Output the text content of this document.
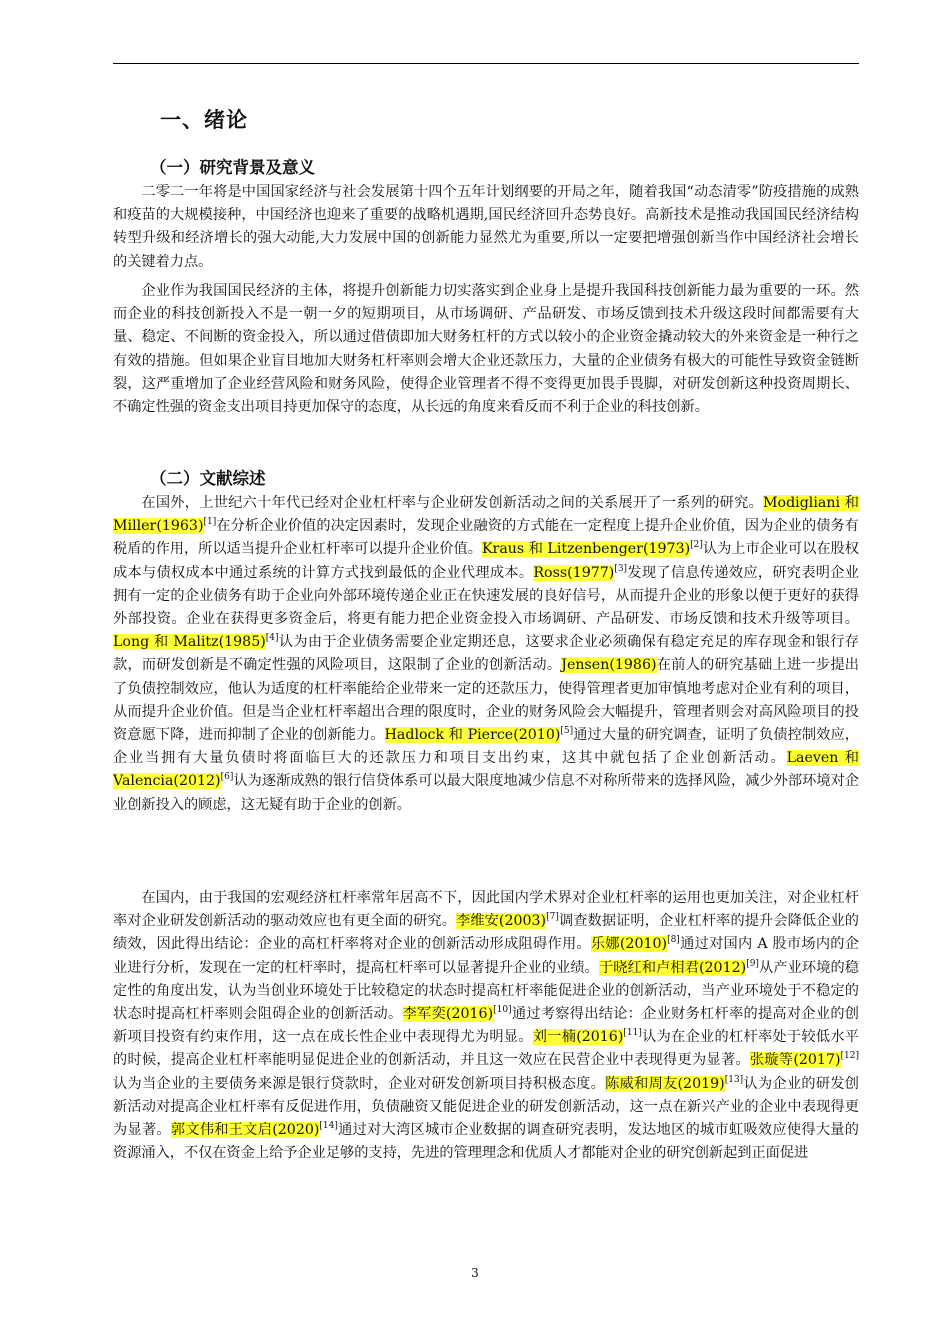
一、绪论
（一）研究背景及意义

二零二一年将是中国国家经济与社会发展第十四个五年计划纲要的开局之年，随着我国“动态清零”防疫措施的成熟和疫苗的大规模接种，中国经济也迎来了重要的战略机遇期,国民经济回升态势良好。高新技术是推动我国国民经济结构转型升级和经济增长的强大动能,大力发展中国的创新能力显然尤为重要,所以一定要把增强创新当作中国经济社会增长的关键着力点。

企业作为我国国民经济的主体，将提升创新能力切实落实到企业身上是提升我国科技创新能力最为重要的一环。然而企业的科技创新投入不是一朝一夕的短期项目，从市场调研、产品研发、市场反馈到技术升级这段时间都需要有大量、稳定、不间断的资金投入，所以通过借债即加大财务杠杆的方式以较小的企业资金撬动较大的外来资金是一种行之有效的措施。但如果企业盲目地加大财务杠杆率则会增大企业还款压力，大量的企业债务有极大的可能性导致资金链断裂，这严重增加了企业经营风险和财务风险，使得企业管理者不得不变得更加畏手畏脚，对研发创新这种投资周期长、不确定性强的资金支出项目持更加保守的态度，从长远的角度来看反而不利于企业的科技创新。

（二）文献综述

在国外，上世纪六十年代已经对企业杠杆率与企业研发创新活动之间的关系展开了一系列的研究。Modigliani 和 Miller(1963)[1]在分析企业价值的决定因素时，发现企业融资的方式能在一定程度上提升企业价值，因为企业的债务有税盾的作用，所以适当提升企业杠杆率可以提升企业价值。Kraus 和 Litzenbenger(1973)[2]认为上市企业可以在股权成本与债权成本中通过系统的计算方式找到最低的企业代理成本。Ross(1977)[3]发现了信息传递效应，研究表明企业拥有一定的企业债务有助于企业向外部环境传递企业正在快速发展的良好信号，从而提升企业的形象以便于更好的获得外部投资。企业在获得更多资金后，将更有能力把企业资金投入市场调研、产品研发、市场反馈和技术升级等项目。Long 和 Malitz(1985)[4]认为由于企业债务需要企业定期还息，这要求企业必须确保有稳定充足的库存现金和银行存款，而研发创新是不确定性强的风险项目，这限制了企业的创新活动。Jensen(1986)在前人的研究基础上进一步提出了负债控制效应，他认为适度的杠杆率能给企业带来一定的还款压力，使得管理者更加审慎地考虑对企业有利的项目，从而提升企业价值。但是当企业杠杆率超出合理的限度时，企业的财务风险会大幅提升，管理者则会对高风险项目的投资意愿下降，进而抑制了企业的创新能力。Hadlock 和 Pierce(2010)[5]通过大量的研究调查，证明了负债控制效应，企业当拥有大量负债时将面临巨大的还款压力和项目支出约束，这其中就包括了企业创新活动。Laeven 和 Valencia(2012)[6]认为逐渐成熟的银行信贷体系可以最大限度地减少信息不对称所带来的选择风险，减少外部环境对企业创新投入的顾虑，这无疑有助于企业的创新。

在国内，由于我国的宏观经济杠杆率常年居高不下，因此国内学术界对企业杠杆率的运用也更加关注，对企业杠杆率对企业研发创新活动的驱动效应也有更全面的研究。李维安(2003)[7]调查数据证明，企业杠杆率的提升会降低企业的绩效，因此得出结论：企业的高杠杆率将对企业的创新活动形成阻碍作用。乐娜(2010)[8]通过对国内 A 股市场内的企业进行分析，发现在一定的杠杆率时，提高杠杆率可以显著提升企业的业绩。于晓红和卢相君(2012)[9]从产业环境的稳定性的角度出发，认为当创业环境处于比较稳定的状态时提高杠杆率能促进企业的创新活动，当产业环境处于不稳定的状态时提高杠杆率则会阻碍企业的创新活动。李军奕(2016)[10]通过考察得出结论：企业财务杠杆率的提高对企业的创新项目投资有约束作用，这一点在成长性企业中表现得尤为明显。刘一楠(2016)[11]认为在企业的杠杆率处于较低水平的时候，提高企业杠杆率能明显促进企业的创新活动，并且这一效应在民营企业中表现得更为显著。张璇等(2017)[12]认为当企业的主要债务来源是银行贷款时，企业对研发创新项目持积极态度。陈威和周友(2019)[13]认为企业的研发创新活动对提高企业杠杆率有反促进作用，负债融资又能促进企业的研发创新活动，这一点在新兴产业的企业中表现得更为显著。郭文伟和王文启(2020)[14]通过对大湾区城市企业数据的调查研究表明，发达地区的城市虹吸效应使得大量的资源涌入，不仅在资金上给予企业足够的支持，先进的管理理念和优质人才都能对企业的研究创新起到正面促进

3
